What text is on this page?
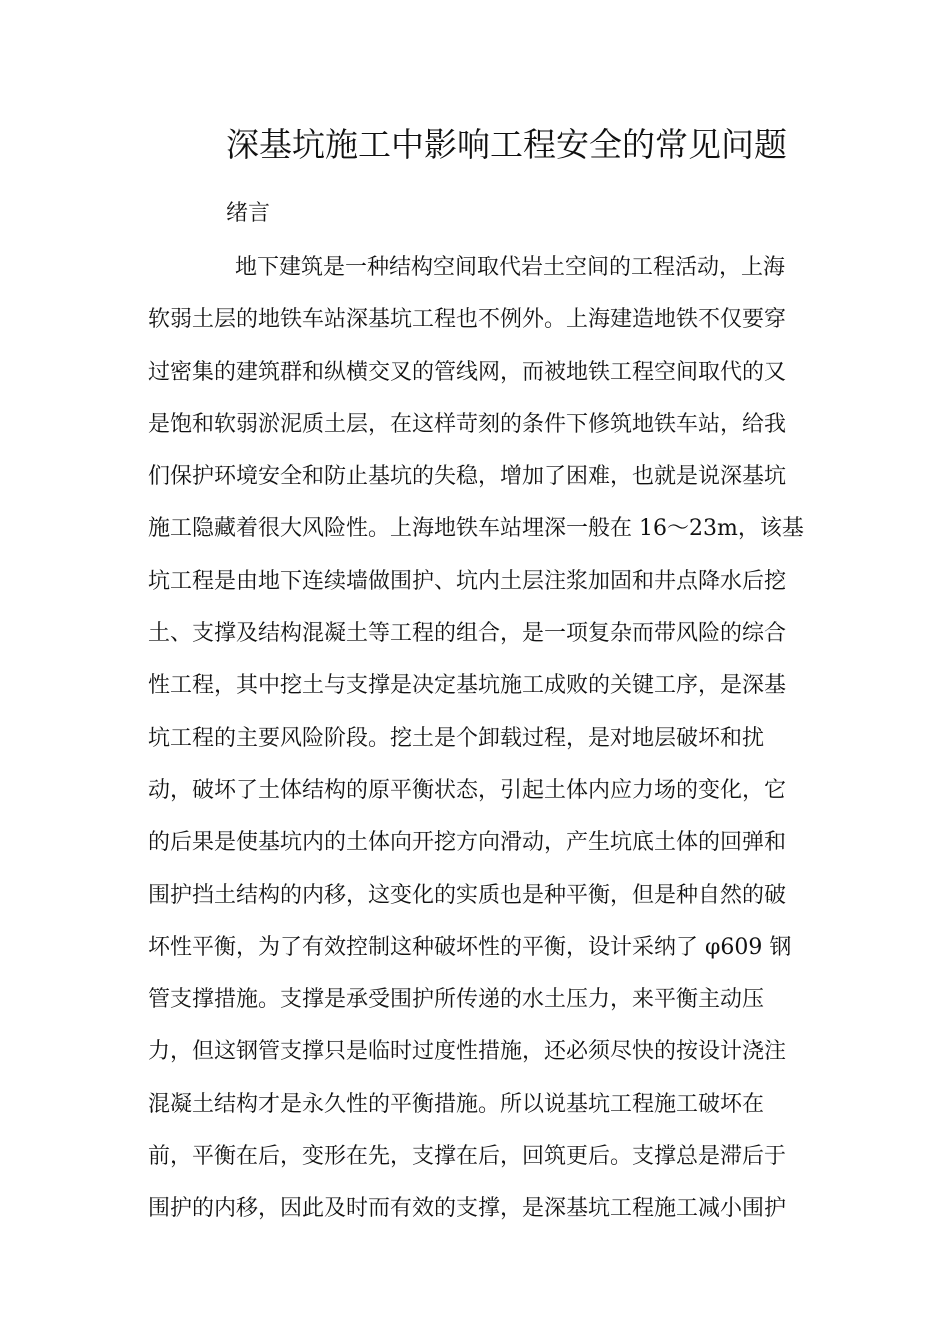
深基坑施工中影响工程安全的常见问题
绪言
地下建筑是一种结构空间取代岩土空间的工程活动，上海
软弱土层的地铁车站深基坑工程也不例外。上海建造地铁不仅要穿
过密集的建筑群和纵横交叉的管线网，而被地铁工程空间取代的又
是饱和软弱淤泥质土层，在这样苛刻的条件下修筑地铁车站，给我
们保护环境安全和防止基坑的失稳，增加了困难，也就是说深基坑
施工隐藏着很大风险性。上海地铁车站埋深一般在 16～23m，该基
坑工程是由地下连续墙做围护、坑内土层注浆加固和井点降水后挖
土、支撑及结构混凝土等工程的组合，是一项复杂而带风险的综合
性工程，其中挖土与支撑是决定基坑施工成败的关键工序，是深基
坑工程的主要风险阶段。挖土是个卸载过程，是对地层破坏和扰
动，破坏了土体结构的原平衡状态，引起土体内应力场的变化，它
的后果是使基坑内的土体向开挖方向滑动，产生坑底土体的回弹和
围护挡土结构的内移，这变化的实质也是种平衡，但是种自然的破
坏性平衡，为了有效控制这种破坏性的平衡，设计采纳了 φ609 钢
管支撑措施。支撑是承受围护所传递的水土压力，来平衡主动压
力，但这钢管支撑只是临时过度性措施，还必须尽快的按设计浇注
混凝土结构才是永久性的平衡措施。所以说基坑工程施工破坏在
前，平衡在后，变形在先，支撑在后，回筑更后。支撑总是滞后于
围护的内移，因此及时而有效的支撑，是深基坑工程施工减小围护
